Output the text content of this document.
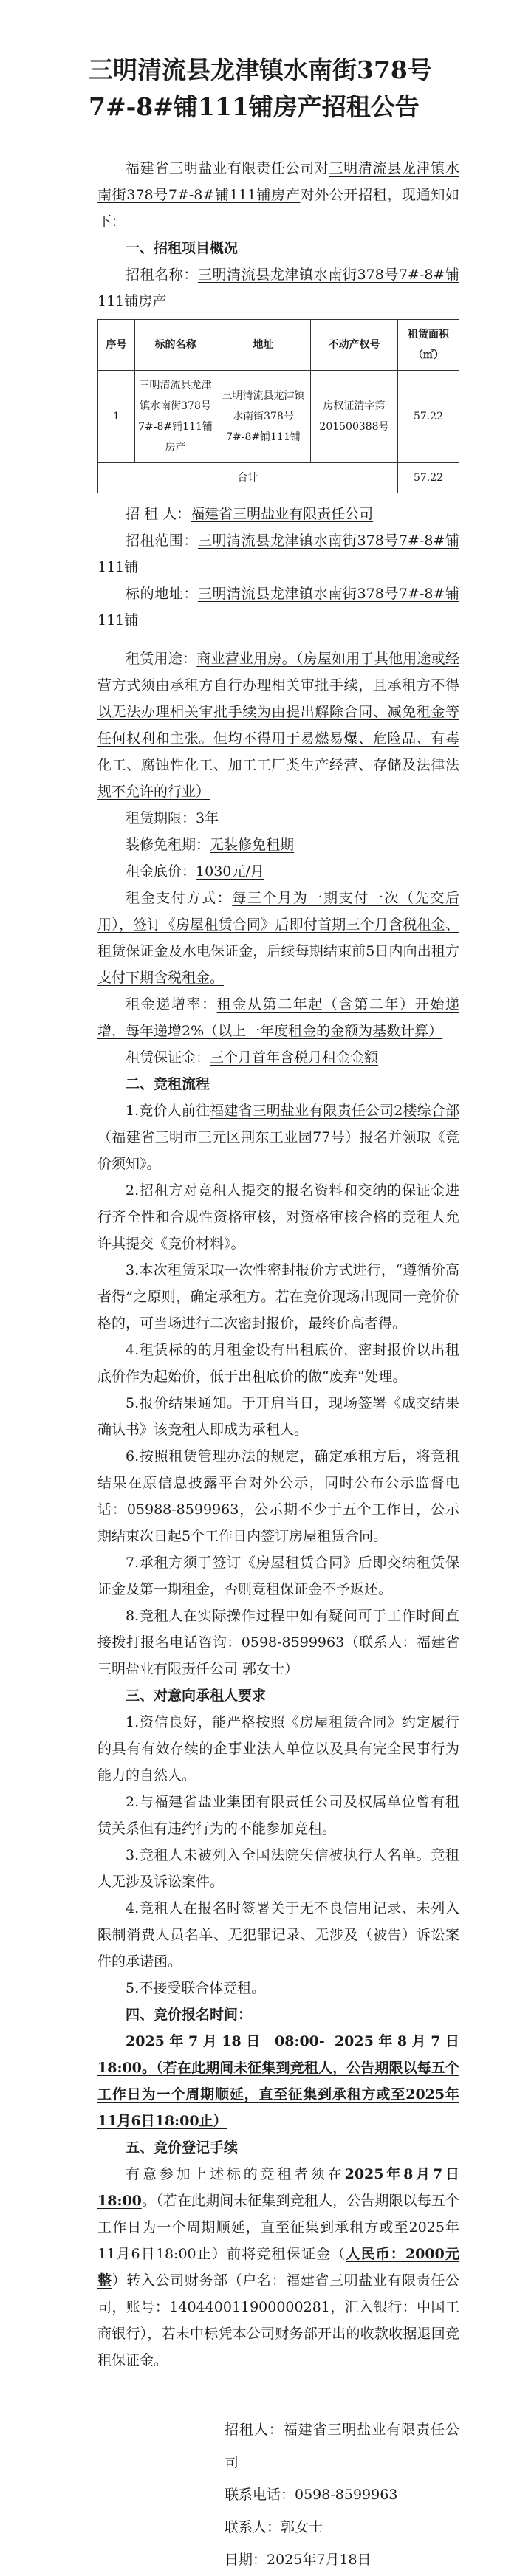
三明清流县龙津镇水南街378号7#-8#铺111铺房产招租公告

福建省三明盐业有限责任公司对三明清流县龙津镇水南街378号7#-8#铺111铺房产对外公开招租，现通知如下：

一、招租项目概况

招租名称：三明清流县龙津镇水南街378号7#-8#铺111铺房产

序号	标的名称	地址	不动产权号	租赁面积（㎡）
1	三明清流县龙津镇水南街378号7#-8#铺111铺房产	三明清流县龙津镇水南街378号7#-8#铺111铺	房权证清字第201500388号	57.22
合计				57.22

招 租 人：福建省三明盐业有限责任公司

招租范围：三明清流县龙津镇水南街378号7#-8#铺111铺

标的地址：三明清流县龙津镇水南街378号7#-8#铺111铺

租赁用途：商业营业用房。（房屋如用于其他用途或经营方式须由承租方自行办理相关审批手续，且承租方不得以无法办理相关审批手续为由提出解除合同、减免租金等任何权利和主张。但均不得用于易燃易爆、危险品、有毒化工、腐蚀性化工、加工工厂类生产经营、存储及法律法规不允许的行业）

租赁期限：3年

装修免租期：无装修免租期

租金底价：1030元/月

租金支付方式：每三个月为一期支付一次（先交后用），签订《房屋租赁合同》后即付首期三个月含税租金、租赁保证金及水电保证金，后续每期结束前5日内向出租方支付下期含税租金。

租金递增率：租金从第二年起（含第二年）开始递增，每年递增2%（以上一年度租金的金额为基数计算）

租赁保证金：三个月首年含税月租金金额

二、竞租流程

1.竞价人前往福建省三明盐业有限责任公司2楼综合部（福建省三明市三元区荆东工业园77号）报名并领取《竞价须知》。

2.招租方对竞租人提交的报名资料和交纳的保证金进行齐全性和合规性资格审核，对资格审核合格的竞租人允许其提交《竞价材料》。

3.本次租赁采取一次性密封报价方式进行，“遵循价高者得”之原则，确定承租方。若在竞价现场出现同一竞价价格的，可当场进行二次密封报价，最终价高者得。

4.租赁标的的月租金设有出租底价，密封报价以出租底价作为起始价，低于出租底价的做“废弃”处理。

5.报价结果通知。于开启当日，现场签署《成交结果确认书》该竞租人即成为承租人。

6.按照租赁管理办法的规定，确定承租方后，将竞租结果在原信息披露平台对外公示，同时公布公示监督电话：05988-8599963，公示期不少于五个工作日，公示期结束次日起5个工作日内签订房屋租赁合同。

7.承租方须于签订《房屋租赁合同》后即交纳租赁保证金及第一期租金，否则竞租保证金不予返还。

8.竞租人在实际操作过程中如有疑问可于工作时间直接拨打报名电话咨询：0598-8599963（联系人：福建省三明盐业有限责任公司 郭女士）

三、对意向承租人要求

1.资信良好，能严格按照《房屋租赁合同》约定履行的具有有效存续的企事业法人单位以及具有完全民事行为能力的自然人。

2.与福建省盐业集团有限责任公司及权属单位曾有租赁关系但有违约行为的不能参加竞租。

3.竞租人未被列入全国法院失信被执行人名单。竞租人无涉及诉讼案件。

4.竞租人在报名时签署关于无不良信用记录、未列入限制消费人员名单、无犯罪记录、无涉及（被告）诉讼案件的承诺函。

5.不接受联合体竞租。

四、竞价报名时间：

2025年7月18日 08:00- 2025年8月7日 18:00。（若在此期间未征集到竞租人，公告期限以每五个工作日为一个周期顺延，直至征集到承租方或至2025年11月6日18:00止）

五、竞价登记手续

有意参加上述标的竞租者须在2025年8月7日 18:00。（若在此期间未征集到竞租人，公告期限以每五个工作日为一个周期顺延，直至征集到承租方或至2025年11月6日18:00止）前将竞租保证金（人民币：2000元整）转入公司财务部（户名：福建省三明盐业有限责任公司，账号：140440011900000281，汇入银行：中国工商银行），若未中标凭本公司财务部开出的收款收据退回竞租保证金。

招租人：福建省三明盐业有限责任公司

联系电话：0598-8599963

联系人：郭女士

日期：2025年7月18日
